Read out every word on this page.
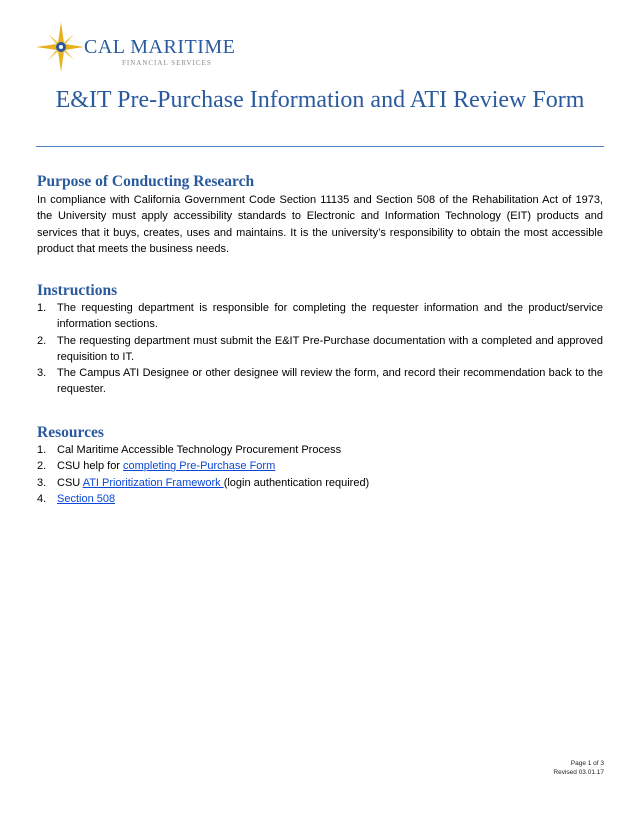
CAL MARITIME
FINANCIAL SERVICES
E&IT Pre-Purchase Information and ATI Review Form
Purpose of Conducting Research

In compliance with California Government Code Section 11135 and Section 508 of the Rehabilitation Act of 1973, the University must apply accessibility standards to Electronic and Information Technology (EIT) products and services that it buys, creates, uses and maintains. It is the university’s responsibility to obtain the most accessible product that meets the business needs.

Instructions
1. The requesting department is responsible for completing the requester information and the product/service information sections.
2. The requesting department must submit the E&IT Pre-Purchase documentation with a completed and approved requisition to IT.
3. The Campus ATI Designee or other designee will review the form, and record their recommendation back to the requester.
Resources
1. Cal Maritime Accessible Technology Procurement Process
2. CSU help for completing Pre-Purchase Form
3. CSU ATI Prioritization Framework (login authentication required)
4. Section 508
Page 1 of 3
Revised 03.01.17
